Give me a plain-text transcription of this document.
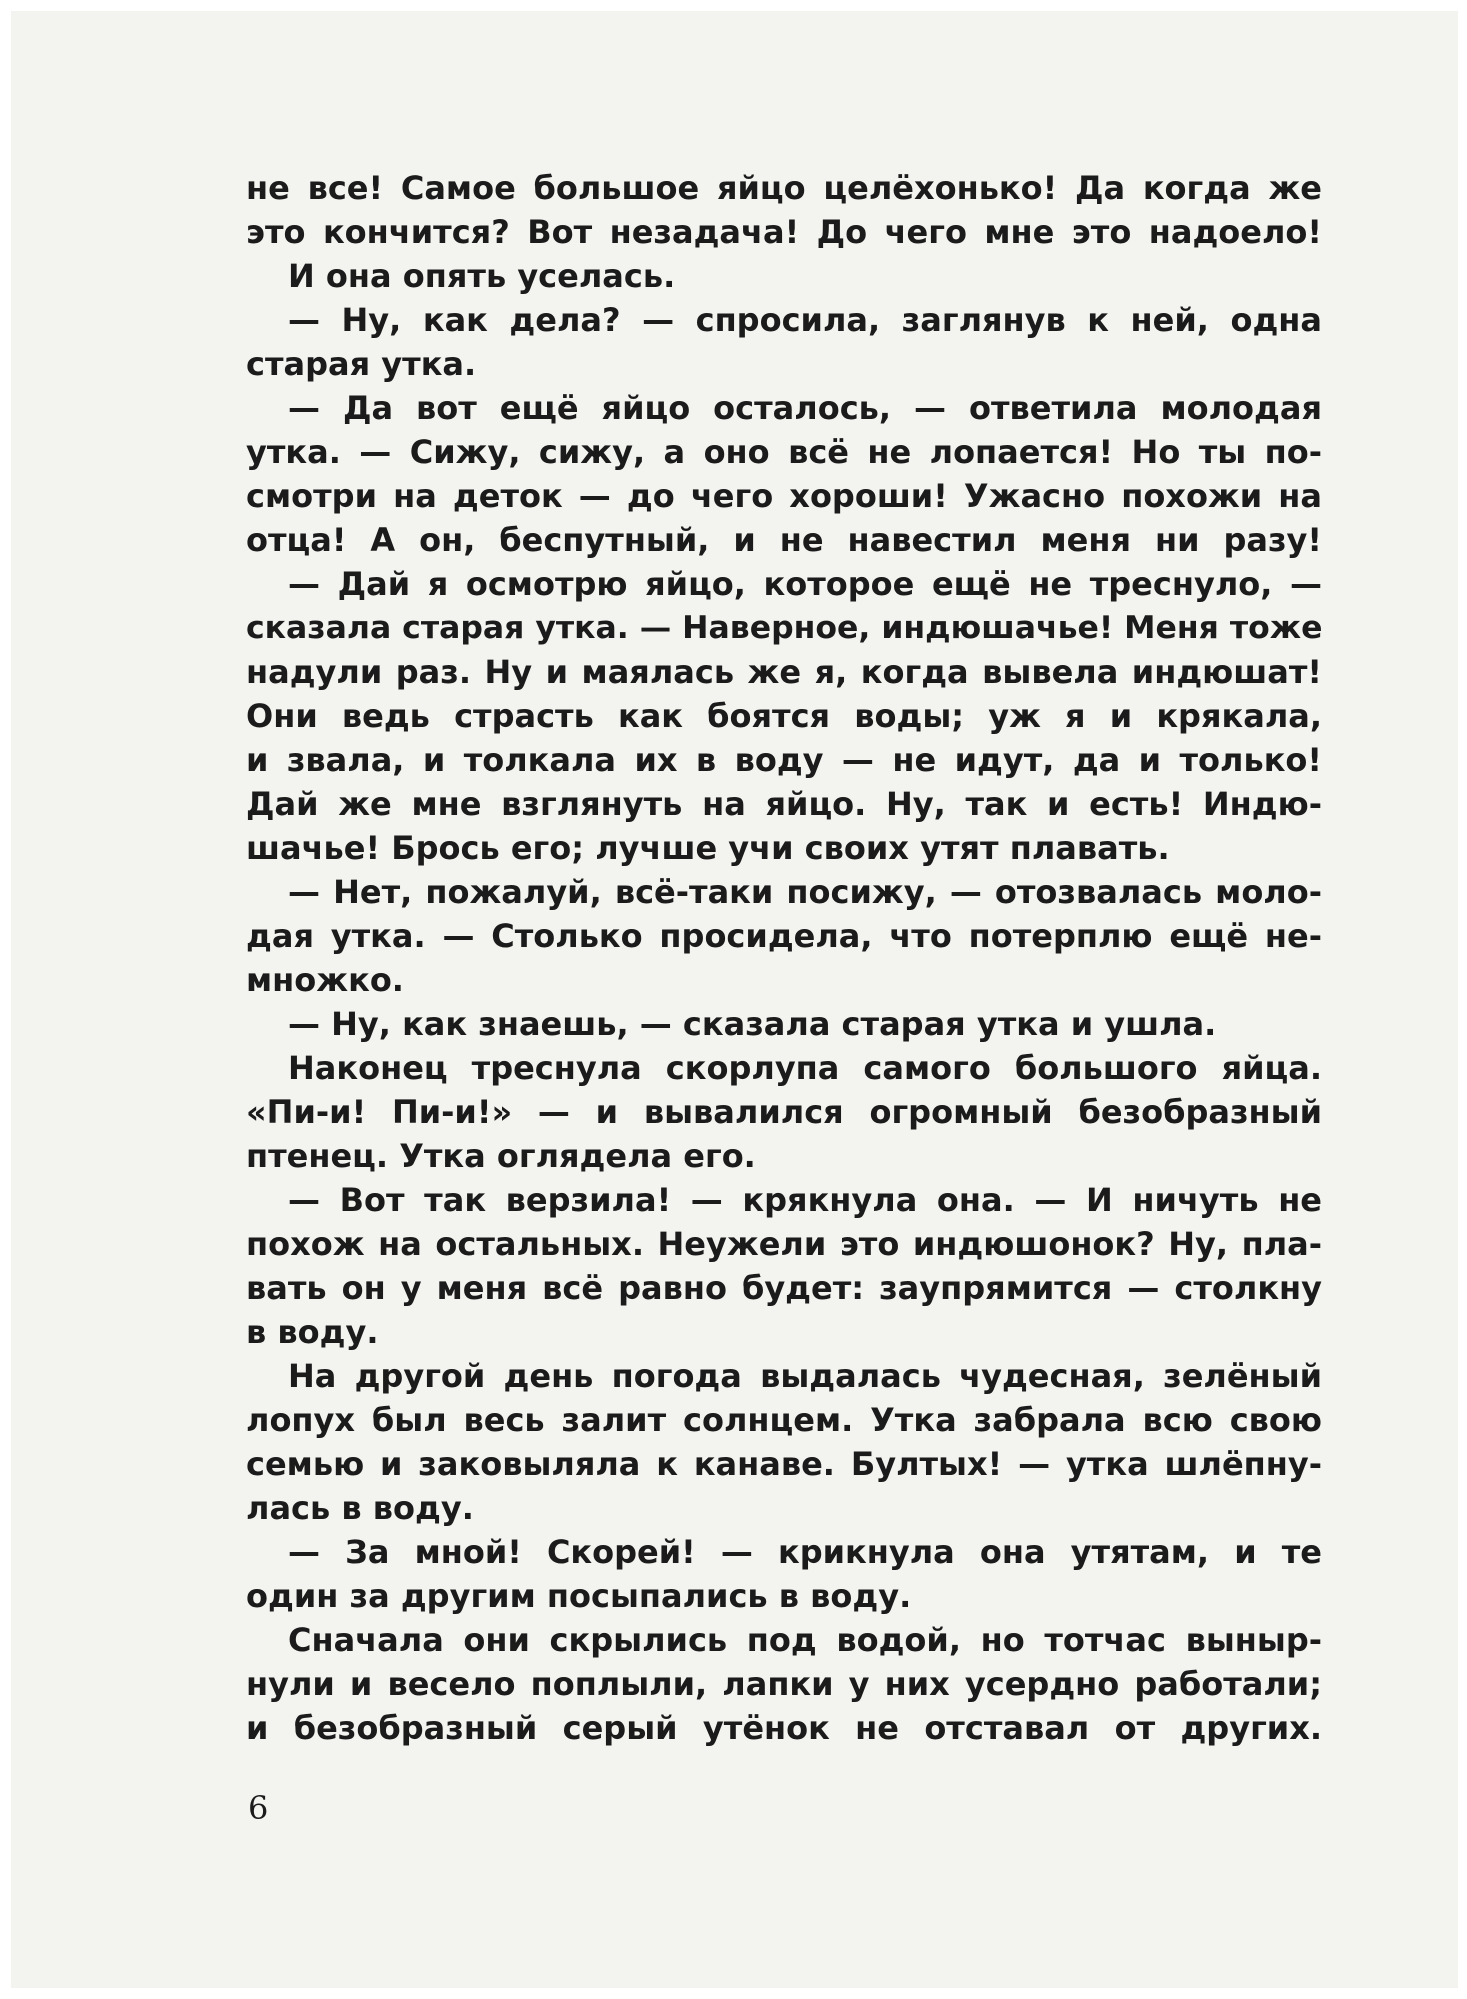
не все! Самое большое яйцо целёхонько! Да когда же
это кончится? Вот незадача! До чего мне это надоело!
И она опять уселась.
— Ну, как дела? — спросила, заглянув к ней, одна
старая утка.
— Да вот ещё яйцо осталось, — ответила молодая
утка. — Сижу, сижу, а оно всё не лопается! Но ты по-
смотри на деток — до чего хороши! Ужасно похожи на
отца! А он, беспутный, и не навестил меня ни разу!
— Дай я осмотрю яйцо, которое ещё не треснуло, —
сказала старая утка. — Наверное, индюшачье! Меня тоже
надули раз. Ну и маялась же я, когда вывела индюшат!
Они ведь страсть как боятся воды; уж я и крякала,
и звала, и толкала их в воду — не идут, да и только!
Дай же мне взглянуть на яйцо. Ну, так и есть! Индю-
шачье! Брось его; лучше учи своих утят плавать.
— Нет, пожалуй, всё-таки посижу, — отозвалась моло-
дая утка. — Столько просидела, что потерплю ещё не-
множко.
— Ну, как знаешь, — сказала старая утка и ушла.
Наконец треснула скорлупа самого большого яйца.
«Пи-и! Пи-и!» — и вывалился огромный безобразный
птенец. Утка оглядела его.
— Вот так верзила! — крякнула она. — И ничуть не
похож на остальных. Неужели это индюшонок? Ну, пла-
вать он у меня всё равно будет: заупрямится — столкну
в воду.
На другой день погода выдалась чудесная, зелёный
лопух был весь залит солнцем. Утка забрала всю свою
семью и заковыляла к канаве. Бултых! — утка шлёпну-
лась в воду.
— За мной! Скорей! — крикнула она утятам, и те
один за другим посыпались в воду.
Сначала они скрылись под водой, но тотчас выныр-
нули и весело поплыли, лапки у них усердно работали;
и безобразный серый утёнок не отставал от других.
6
